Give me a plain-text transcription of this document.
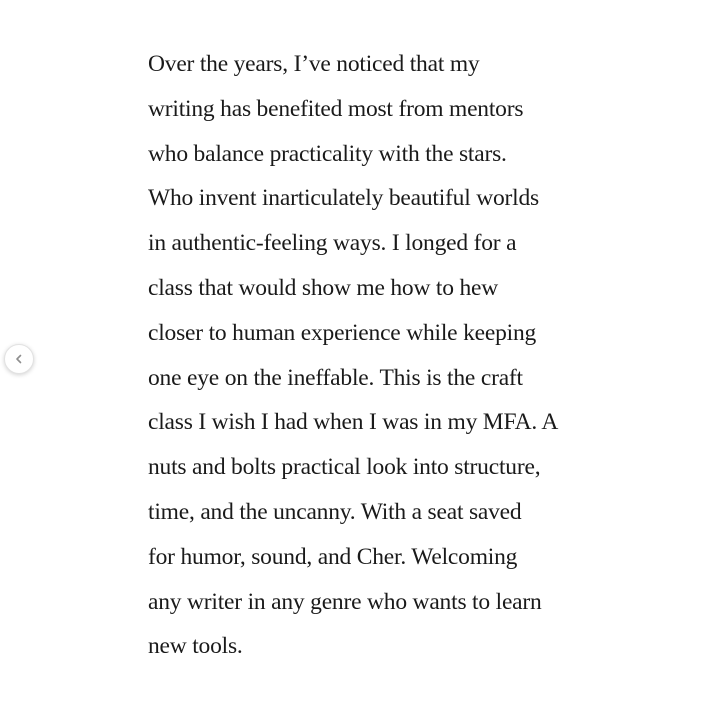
Over the years, I’ve noticed that my
writing has benefited most from mentors
who balance practicality with the stars.
Who invent inarticulately beautiful worlds
in authentic-feeling ways. I longed for a
class that would show me how to hew
closer to human experience while keeping
one eye on the ineffable. This is the craft
class I wish I had when I was in my MFA. A
nuts and bolts practical look into structure,
time, and the uncanny. With a seat saved
for humor, sound, and Cher. Welcoming
any writer in any genre who wants to learn
new tools.
